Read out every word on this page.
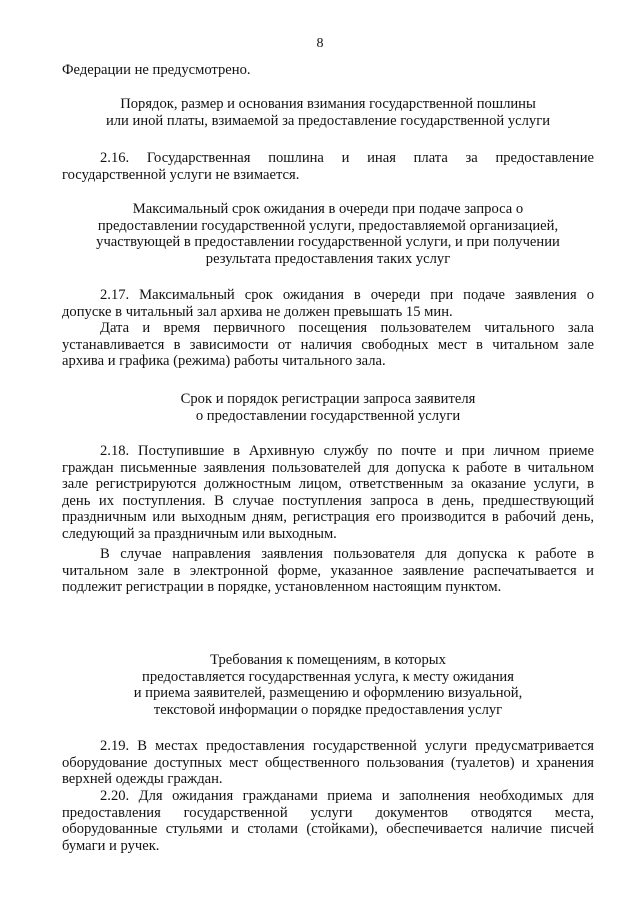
8
Федерации не предусмотрено.
Порядок, размер и основания взимания государственной пошлины
или иной платы, взимаемой за предоставление государственной услуги
2.16. Государственная пошлина и иная плата за предоставление
государственной услуги не взимается.
Максимальный срок ожидания в очереди при подаче запроса о
предоставлении государственной услуги, предоставляемой организацией,
участвующей в предоставлении государственной услуги, и при получении
результата предоставления таких услуг
2.17. Максимальный срок ожидания в очереди при подаче заявления о
допуске в читальный зал архива не должен превышать 15 мин.
Дата и время первичного посещения пользователем читального зала
устанавливается в зависимости от наличия свободных мест в читальном зале
архива и графика (режима) работы читального зала.
Срок и порядок регистрации запроса заявителя
о предоставлении государственной услуги
2.18. Поступившие в Архивную службу по почте и при личном приеме
граждан письменные заявления пользователей для допуска к работе в читальном
зале регистрируются должностным лицом, ответственным за оказание услуги, в
день их поступления. В случае поступления запроса в день, предшествующий
праздничным или выходным дням, регистрация его производится в рабочий день,
следующий за праздничным или выходным.
В случае направления заявления пользователя для допуска к работе в
читальном зале в электронной форме, указанное заявление распечатывается и
подлежит регистрации в порядке, установленном настоящим пунктом.
Требования к помещениям, в которых
предоставляется государственная услуга, к месту ожидания
и приема заявителей, размещению и оформлению визуальной,
текстовой информации о порядке предоставления услуг
2.19. В местах предоставления государственной услуги предусматривается
оборудование доступных мест общественного пользования (туалетов) и хранения
верхней одежды граждан.
2.20. Для ожидания гражданами приема и заполнения необходимых для
предоставления государственной услуги документов отводятся места,
оборудованные стульями и столами (стойками), обеспечивается наличие писчей
бумаги и ручек.
